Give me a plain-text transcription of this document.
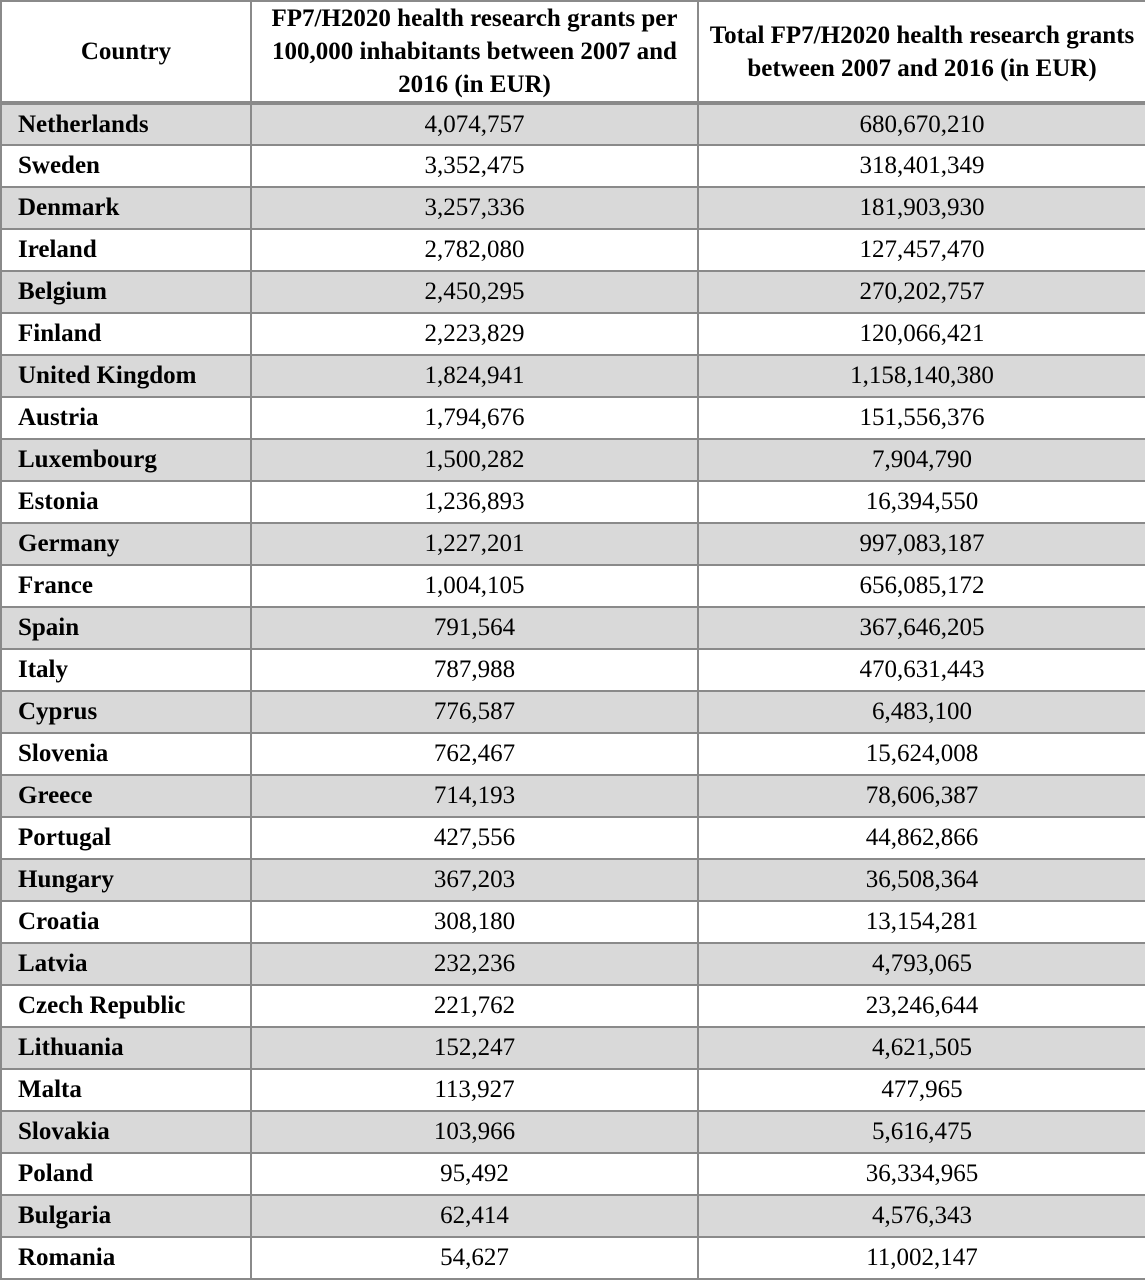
Country	FP7/H2020 health research grants per 100,000 inhabitants between 2007 and 2016 (in EUR)	Total FP7/H2020 health research grants between 2007 and 2016 (in EUR)
Netherlands	4,074,757	680,670,210
Sweden	3,352,475	318,401,349
Denmark	3,257,336	181,903,930
Ireland	2,782,080	127,457,470
Belgium	2,450,295	270,202,757
Finland	2,223,829	120,066,421
United Kingdom	1,824,941	1,158,140,380
Austria	1,794,676	151,556,376
Luxembourg	1,500,282	7,904,790
Estonia	1,236,893	16,394,550
Germany	1,227,201	997,083,187
France	1,004,105	656,085,172
Spain	791,564	367,646,205
Italy	787,988	470,631,443
Cyprus	776,587	6,483,100
Slovenia	762,467	15,624,008
Greece	714,193	78,606,387
Portugal	427,556	44,862,866
Hungary	367,203	36,508,364
Croatia	308,180	13,154,281
Latvia	232,236	4,793,065
Czech Republic	221,762	23,246,644
Lithuania	152,247	4,621,505
Malta	113,927	477,965
Slovakia	103,966	5,616,475
Poland	95,492	36,334,965
Bulgaria	62,414	4,576,343
Romania	54,627	11,002,147
